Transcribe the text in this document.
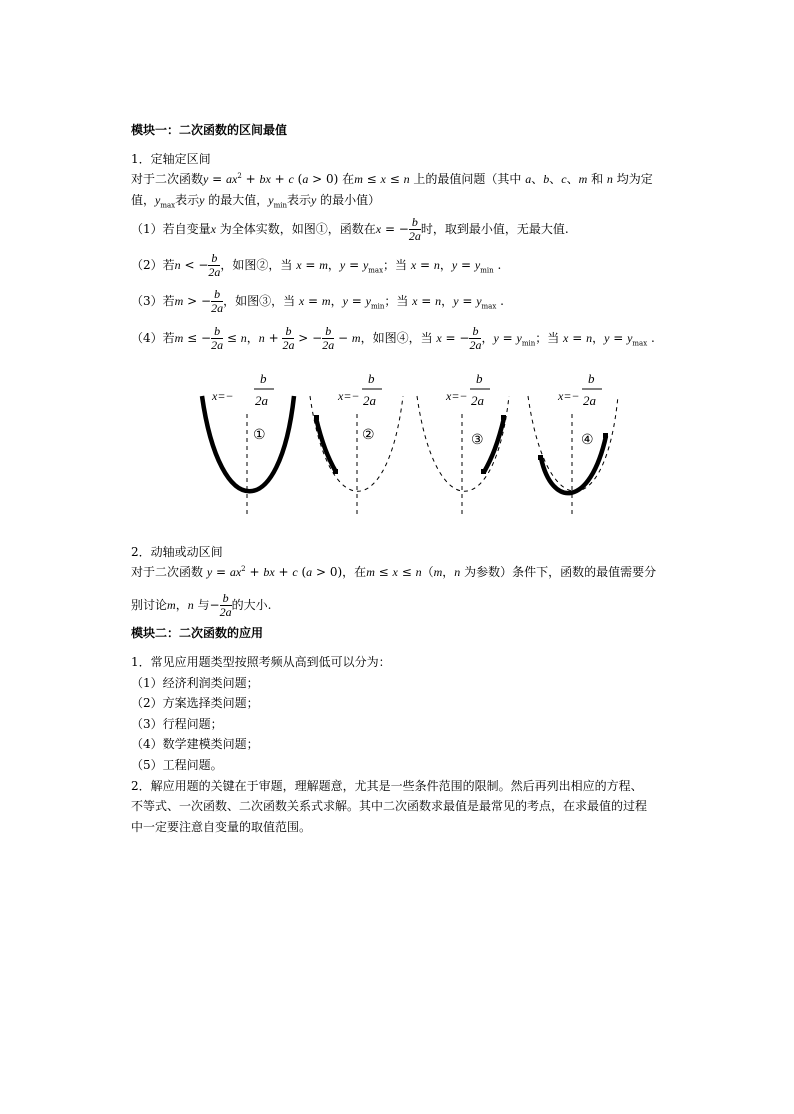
模块一：二次函数的区间最值
1．定轴定区间
对于二次函数$y = ax^2$ + bx + c (a > 0) 在m ≤ x ≤ n 上的最值问题（其中 a、b、c、m 和 n 均为定
值，$y_{max}$表示y 的最大值，$y_{min}$表示y 的最小值）
（1）若自变量x 为全体实数，如图①，函数在x = − $\frac{b}{2a}$ 时，取到最小值，无最大值.
（2）若n < − $\frac{b}{2a}$ ，如图②，当 x = m，$y = y_{max}$；当 x = n，$y = y_{min}$ .
（3）若m > − $\frac{b}{2a}$ ，如图③，当 x = m，$y = y_{min}$；当 x = n，$y = y_{max}$ .
（4）若m ≤ − $\frac{b}{2a} \le n$，$n + \frac{b}{2a}$ > − $\frac{b}{2a} - m$，如图④，当 x = − $\frac{b}{2a}$ ，$y = y_{min}$；当 x = n，$y = y_{max}$ .
x=−
b
2a
①
x=−
b
2a
②
x=−
b
2a
③
x=−
b
2a
④
2．动轴或动区间
对于二次函数 $y = ax^2$ + bx + c (a > 0)，在m ≤ x ≤ n（m，n 为参数）条件下，函数的最值需要分
别讨论m，n 与− $\frac{b}{2a}$ 的大小.
模块二：二次函数的应用
1．常见应用题类型按照考频从高到低可以分为：
（1）经济利润类问题；
（2）方案选择类问题；
（3）行程问题；
（4）数学建模类问题；
（5）工程问题。
2．解应用题的关键在于审题，理解题意，尤其是一些条件范围的限制。然后再列出相应的方程、
不等式、一次函数、二次函数关系式求解。其中二次函数求最值是最常见的考点，在求最值的过程
中一定要注意自变量的取值范围。
